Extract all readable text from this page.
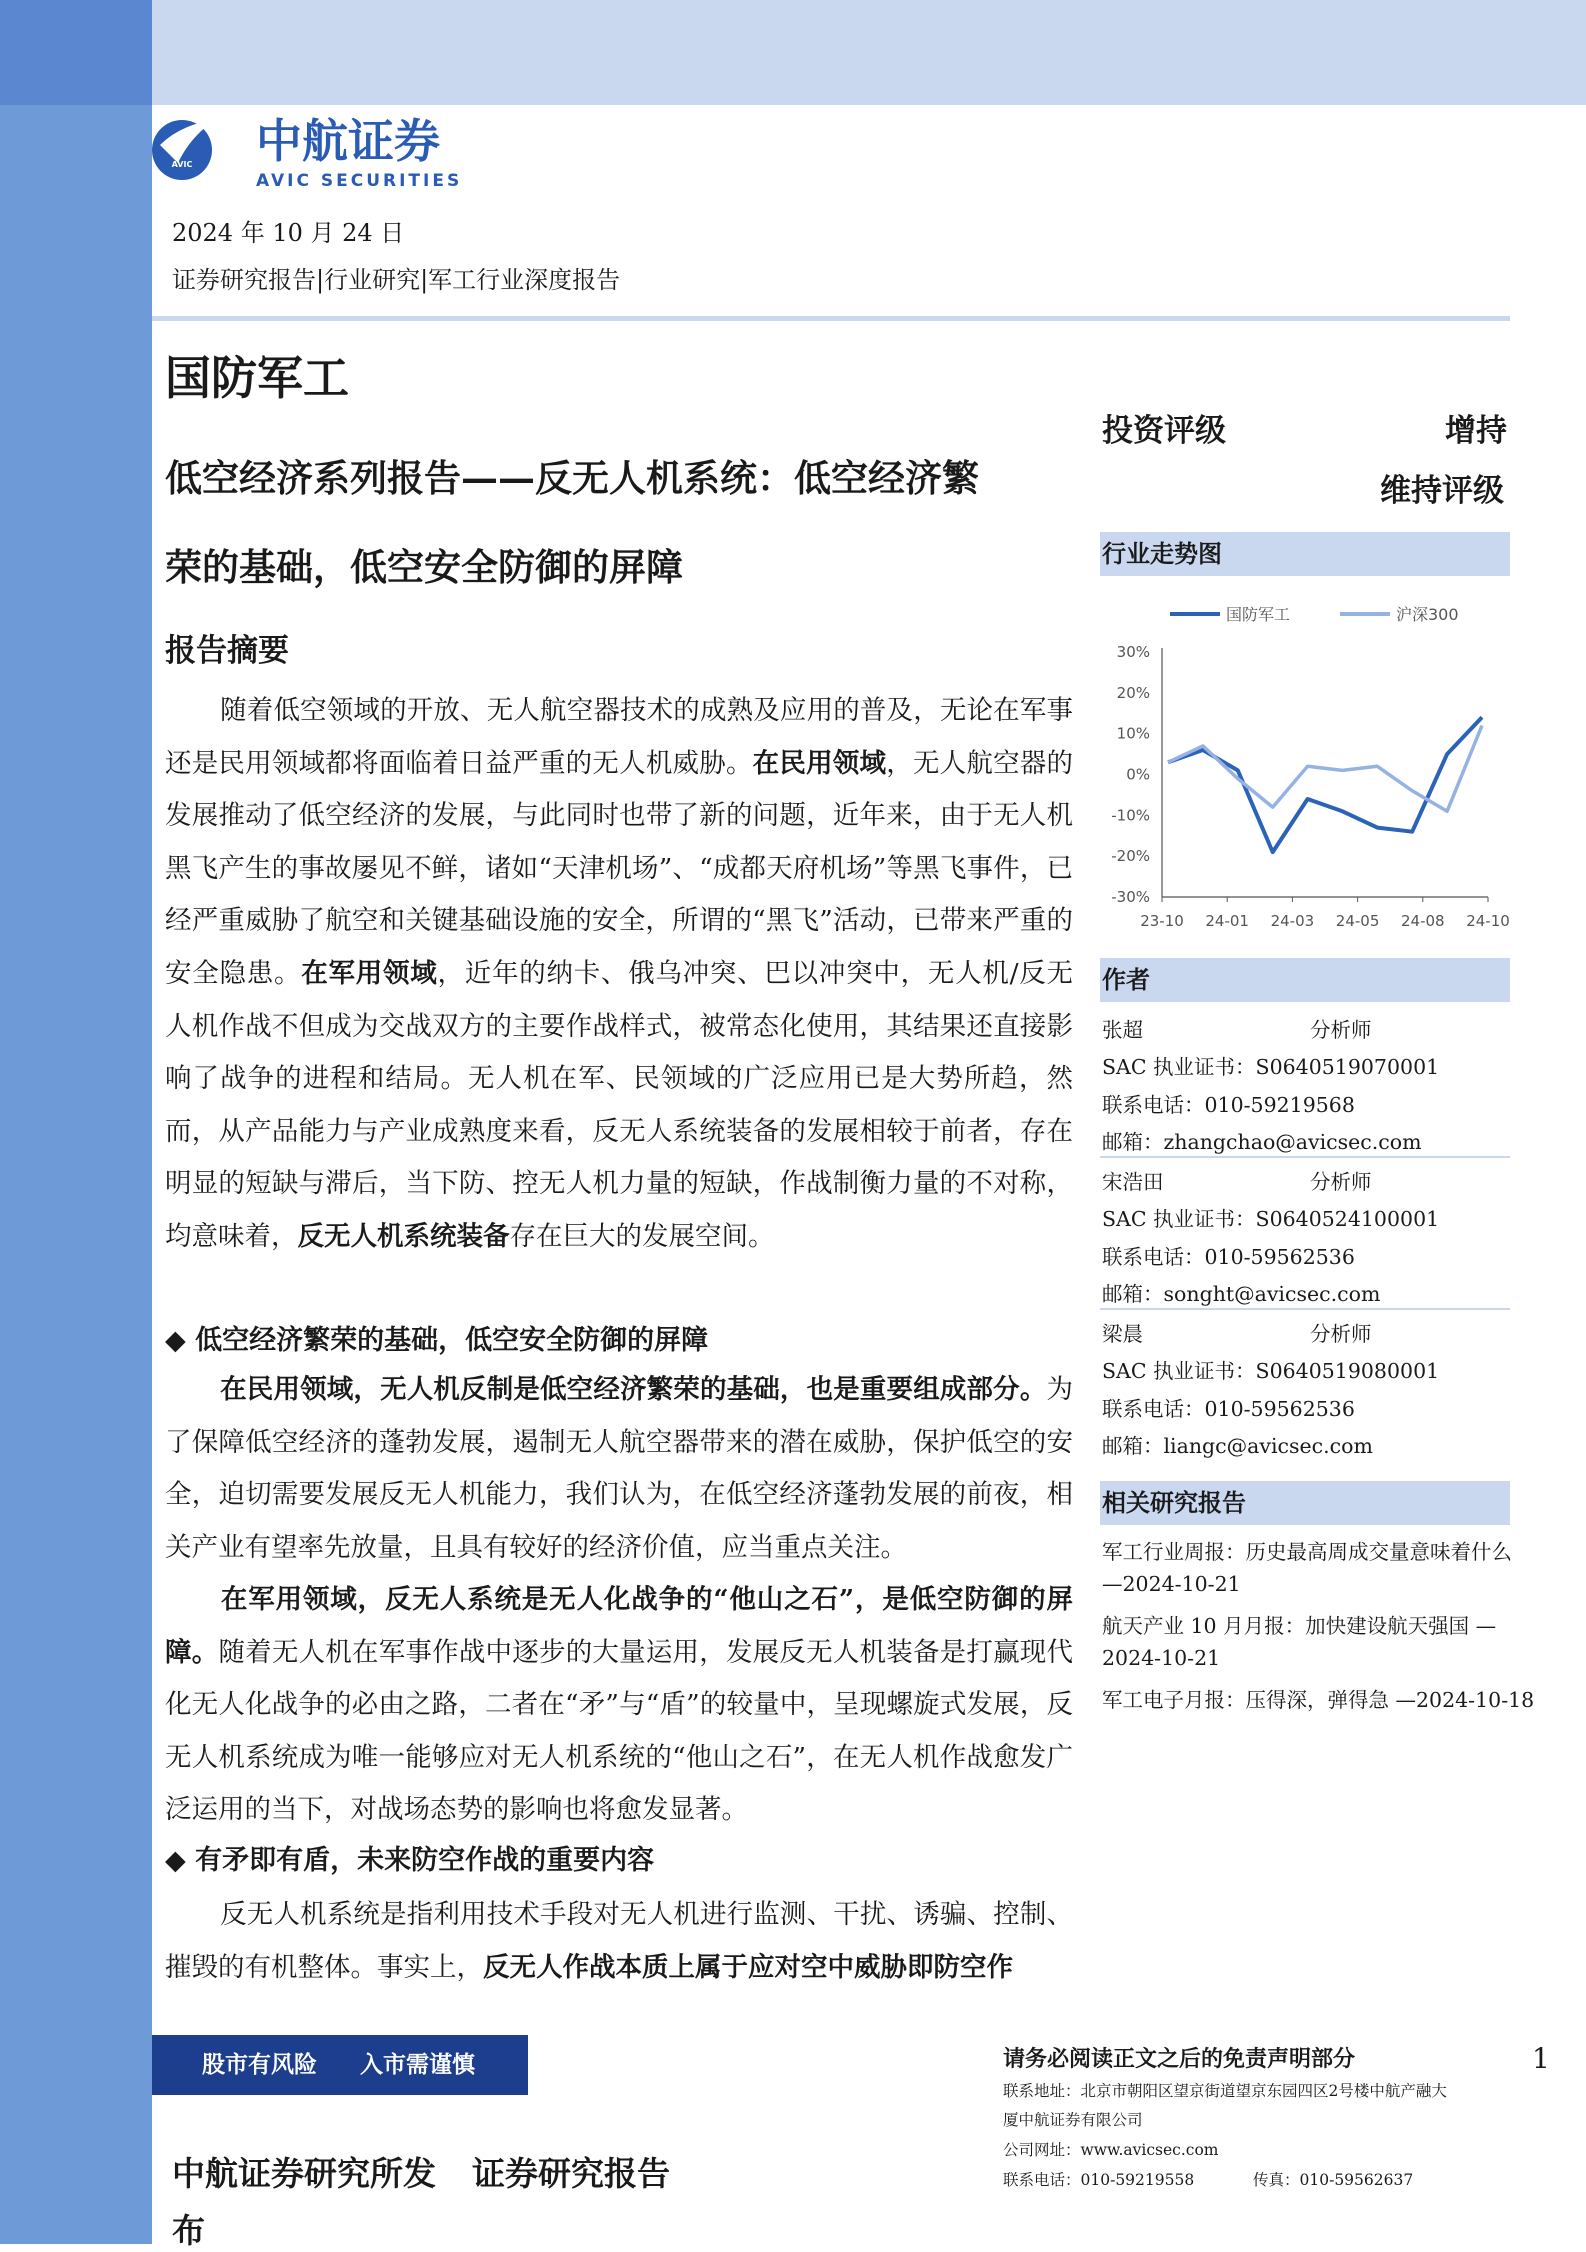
AVIC 中航证券
AVIC SECURITIES
2024 年 10 月 24 日
证券研究报告|行业研究|军工行业深度报告
国防军工
低空经济系列报告——反无人机系统：低空经济繁
荣的基础，低空安全防御的屏障
报告摘要

随着低空领域的开放、无人航空器技术的成熟及应用的普及，无论在军事还是民用领域都将面临着日益严重的无人机威胁。在民用领域，无人航空器的发展推动了低空经济的发展，与此同时也带了新的问题，近年来，由于无人机黑飞产生的事故屡见不鲜，诸如“天津机场”、“成都天府机场”等黑飞事件，已经严重威胁了航空和关键基础设施的安全，所谓的“黑飞”活动，已带来严重的安全隐患。在军用领域，近年的纳卡、俄乌冲突、巴以冲突中，无人机/反无人机作战不但成为交战双方的主要作战样式，被常态化使用，其结果还直接影响了战争的进程和结局。无人机在军、民领域的广泛应用已是大势所趋，然而，从产品能力与产业成熟度来看，反无人系统装备的发展相较于前者，存在明显的短缺与滞后，当下防、控无人机力量的短缺，作战制衡力量的不对称，均意味着，反无人机系统装备存在巨大的发展空间。

◆ 低空经济繁荣的基础，低空安全防御的屏障

在民用领域，无人机反制是低空经济繁荣的基础，也是重要组成部分。为了保障低空经济的蓬勃发展，遏制无人航空器带来的潜在威胁，保护低空的安全，迫切需要发展反无人机能力，我们认为，在低空经济蓬勃发展的前夜，相关产业有望率先放量，且具有较好的经济价值，应当重点关注。

在军用领域，反无人系统是无人化战争的“他山之石”，是低空防御的屏障。随着无人机在军事作战中逐步的大量运用，发展反无人机装备是打赢现代化无人化战争的必由之路，二者在“矛”与“盾”的较量中，呈现螺旋式发展，反无人机系统成为唯一能够应对无人机系统的“他山之石”，在无人机作战愈发广泛运用的当下，对战场态势的影响也将愈发显著。

◆ 有矛即有盾，未来防空作战的重要内容

反无人机系统是指利用技术手段对无人机进行监测、干扰、诱骗、控制、摧毁的有机整体。事实上，反无人作战本质上属于应对空中威胁即防空作

投资评级	增持
维持评级
行业走势图
国防军工	沪深300
30%
20%
10%
0%
-10%
-20%
-30%
23-10 24-01 24-03 24-05 24-08 24-10
作者
张超	分析师
SAC 执业证书：S0640519070001
联系电话：010-59219568
邮箱：zhangchao@avicsec.com
宋浩田	分析师
SAC 执业证书：S0640524100001
联系电话：010-59562536
邮箱：songht@avicsec.com
梁晨	分析师
SAC 执业证书：S0640519080001
联系电话：010-59562536
邮箱：liangc@avicsec.com
相关研究报告
军工行业周报：历史最高周成交量意味着什么
—2024-10-21
航天产业 10 月月报：加快建设航天强国 —
2024-10-21
军工电子月报：压得深，弹得急 —2024-10-18
股市有风险 入市需谨慎	请务必阅读正文之后的免责声明部分	1
联系地址：北京市朝阳区望京街道望京东园四区2号楼中航产融大
厦中航证券有限公司
公司网址：www.avicsec.com
联系电话：010-59219558	传真：010-59562637
中航证券研究所发
布
证券研究报告
